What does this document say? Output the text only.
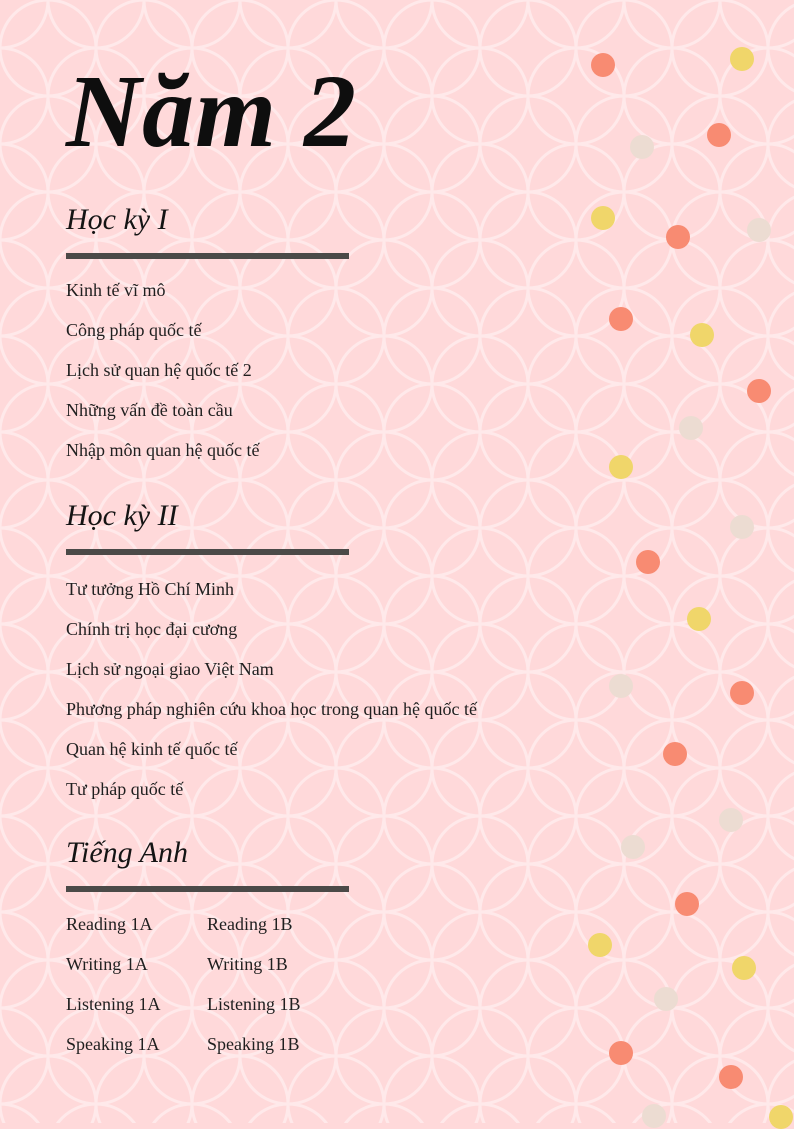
Năm 2
Học kỳ I
Kinh tế vĩ mô
Công pháp quốc tế
Lịch sử quan hệ quốc tế 2
Những vấn đề toàn cầu
Nhập môn quan hệ quốc tế
Học kỳ II
Tư tưởng Hồ Chí Minh
Chính trị học đại cương
Lịch sử ngoại giao Việt Nam
Phương pháp nghiên cứu khoa học trong quan hệ quốc tế
Quan hệ kinh tế quốc tế
Tư pháp quốc tế
Tiếng Anh
Reading 1A	Reading 1B
Writing 1A	Writing 1B
Listening 1A	Listening 1B
Speaking 1A	Speaking 1B
